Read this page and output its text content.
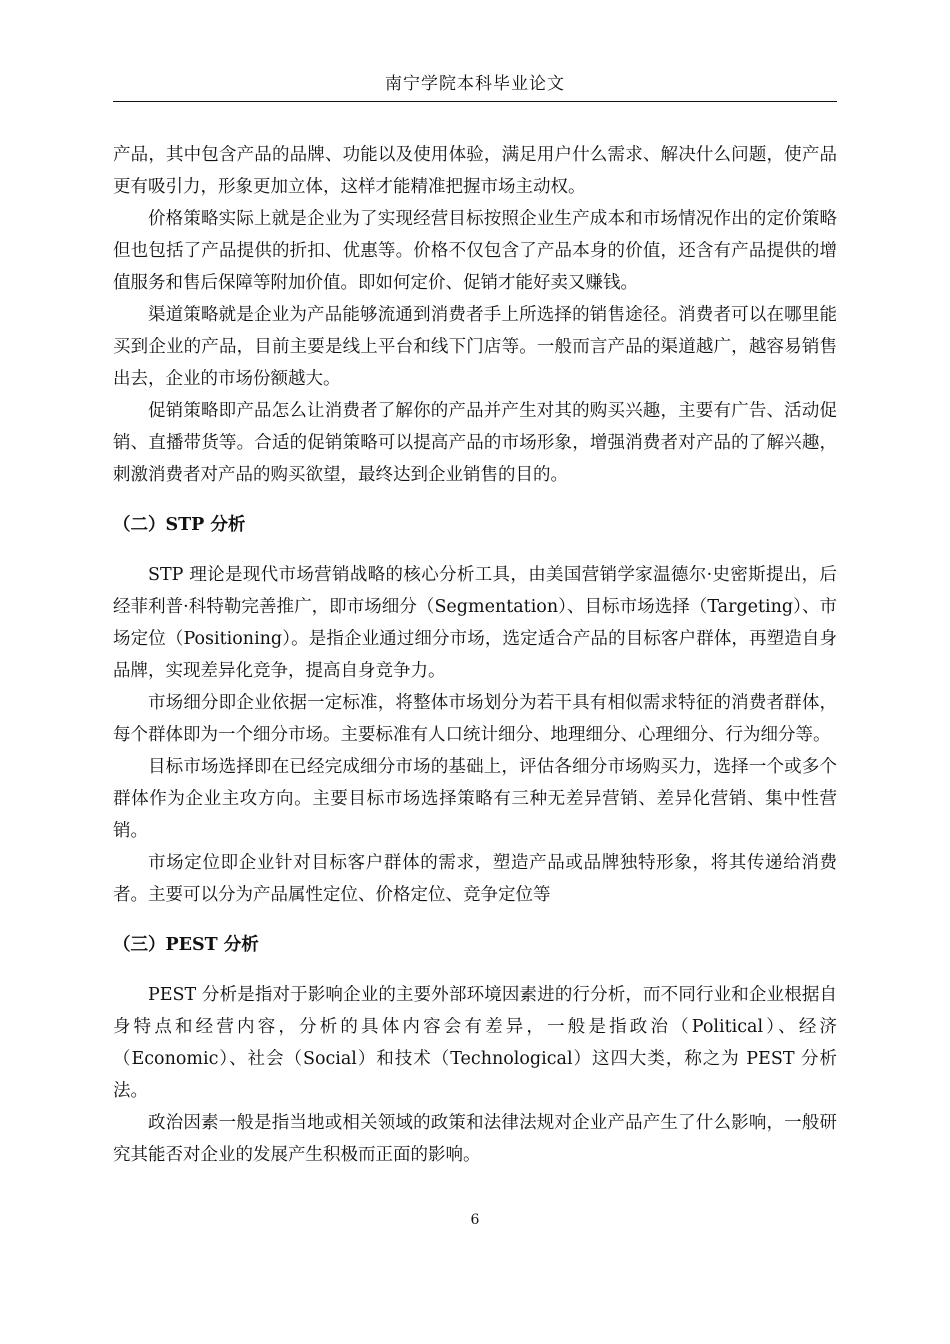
南宁学院本科毕业论文

产品，其中包含产品的品牌、功能以及使用体验，满足用户什么需求、解决什么问题，使产品更有吸引力，形象更加立体，这样才能精准把握市场主动权。

价格策略实际上就是企业为了实现经营目标按照企业生产成本和市场情况作出的定价策略但也包括了产品提供的折扣、优惠等。价格不仅包含了产品本身的价值，还含有产品提供的增值服务和售后保障等附加价值。即如何定价、促销才能好卖又赚钱。

渠道策略就是企业为产品能够流通到消费者手上所选择的销售途径。消费者可以在哪里能买到企业的产品，目前主要是线上平台和线下门店等。一般而言产品的渠道越广，越容易销售出去，企业的市场份额越大。

促销策略即产品怎么让消费者了解你的产品并产生对其的购买兴趣，主要有广告、活动促销、直播带货等。合适的促销策略可以提高产品的市场形象，增强消费者对产品的了解兴趣，刺激消费者对产品的购买欲望，最终达到企业销售的目的。

（二）STP 分析

STP 理论是现代市场营销战略的核心分析工具，由美国营销学家温德尔·史密斯提出，后经菲利普·科特勒完善推广，即市场细分（Segmentation）、目标市场选择（Targeting）、市场定位（Positioning）。是指企业通过细分市场，选定适合产品的目标客户群体，再塑造自身品牌，实现差异化竞争，提高自身竞争力。

市场细分即企业依据一定标准，将整体市场划分为若干具有相似需求特征的消费者群体，每个群体即为一个细分市场。主要标准有人口统计细分、地理细分、心理细分、行为细分等。

目标市场选择即在已经完成细分市场的基础上，评估各细分市场购买力，选择一个或多个群体作为企业主攻方向。主要目标市场选择策略有三种无差异营销、差异化营销、集中性营销。

市场定位即企业针对目标客户群体的需求，塑造产品或品牌独特形象，将其传递给消费者。主要可以分为产品属性定位、价格定位、竞争定位等

（三）PEST 分析

PEST 分析是指对于影响企业的主要外部环境因素进的行分析，而不同行业和企业根据自身特点和经营内容，分析的具体内容会有差异，一般是指政治（Political）、经济（Economic）、社会（Social）和技术（Technological）这四大类，称之为 PEST 分析法。

政治因素一般是指当地或相关领域的政策和法律法规对企业产品产生了什么影响，一般研究其能否对企业的发展产生积极而正面的影响。

6
